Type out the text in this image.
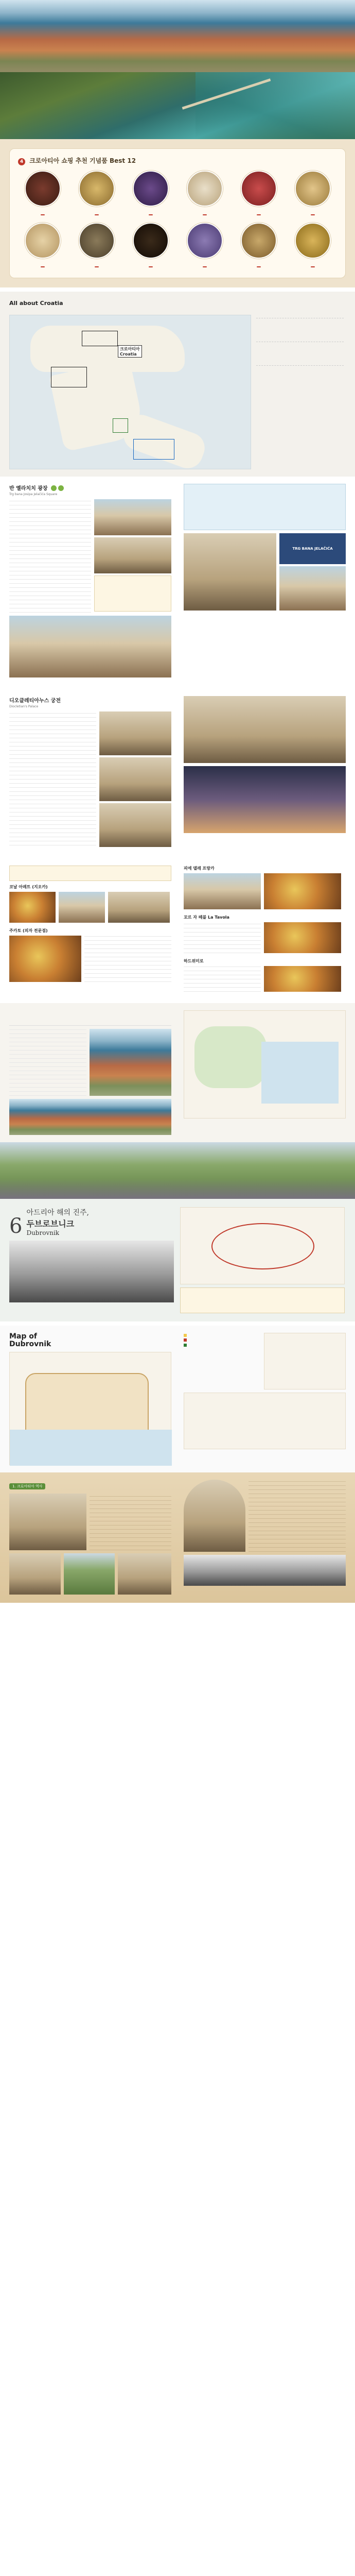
4 크로아티아 쇼핑 추천 기념품 Best 12
All about Croatia
크로아티아
Croatia
반 옐라치치 광장
Trg bana Josipa Jelačića Square
TRG BANA JELAČIĆA
디오클레티아누스 궁전
Diocletian's Palace
코날 아레트 (지오카)
주카토 (피자 전문점)
피에 델레 프랑카
꼬르 자 떼블 La Tavola
하드위미로
6
아드리아 해의 진주,
두브로브니크
Dubrovnik
Map of
Dubrovnik
1. 크로아티아 역사
